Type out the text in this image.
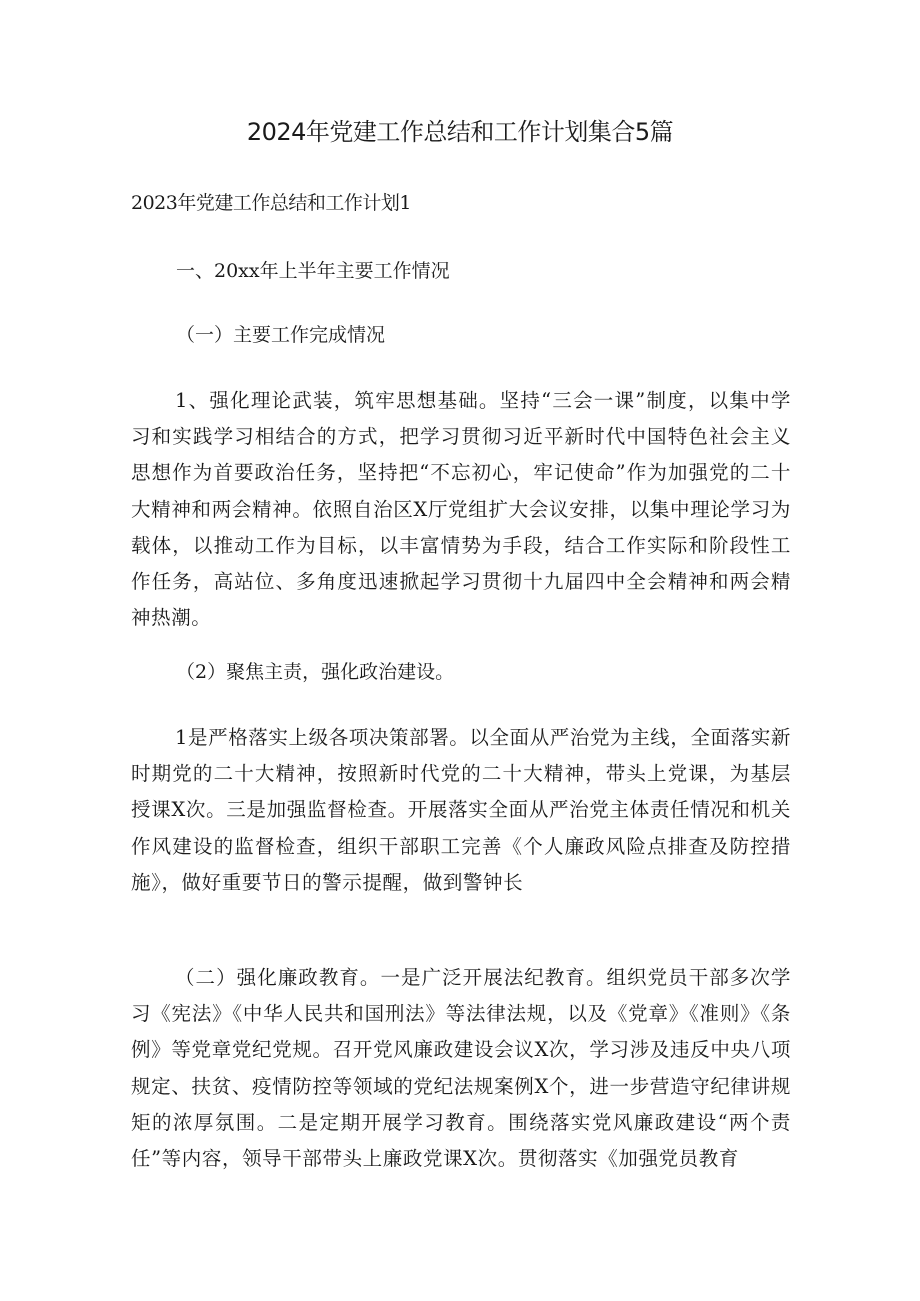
2024年党建工作总结和工作计划集合5篇

2023年党建工作总结和工作计划1

一、20xx年上半年主要工作情况

（一）主要工作完成情况

1、强化理论武装，筑牢思想基础。坚持“三会一课”制度，以集中学习和实践学习相结合的方式，把学习贯彻习近平新时代中国特色社会主义思想作为首要政治任务，坚持把“不忘初心，牢记使命”作为加强党的二十大精神和两会精神。依照自治区X厅党组扩大会议安排，以集中理论学习为载体，以推动工作为目标，以丰富情势为手段，结合工作实际和阶段性工作任务，高站位、多角度迅速掀起学习贯彻十九届四中全会精神和两会精神热潮。

（2）聚焦主责，强化政治建设。

1是严格落实上级各项决策部署。以全面从严治党为主线，全面落实新时期党的二十大精神，按照新时代党的二十大精神，带头上党课，为基层授课X次。三是加强监督检查。开展落实全面从严治党主体责任情况和机关作风建设的监督检查，组织干部职工完善《个人廉政风险点排查及防控措施》，做好重要节日的警示提醒，做到警钟长

（二）强化廉政教育。一是广泛开展法纪教育。组织党员干部多次学习《宪法》《中华人民共和国刑法》等法律法规，以及《党章》《准则》《条例》等党章党纪党规。召开党风廉政建设会议X次，学习涉及违反中央八项规定、扶贫、疫情防控等领域的党纪法规案例X个，进一步营造守纪律讲规矩的浓厚氛围。二是定期开展学习教育。围绕落实党风廉政建设“两个责任”等内容，领导干部带头上廉政党课X次。贯彻落实《加强党员教育
